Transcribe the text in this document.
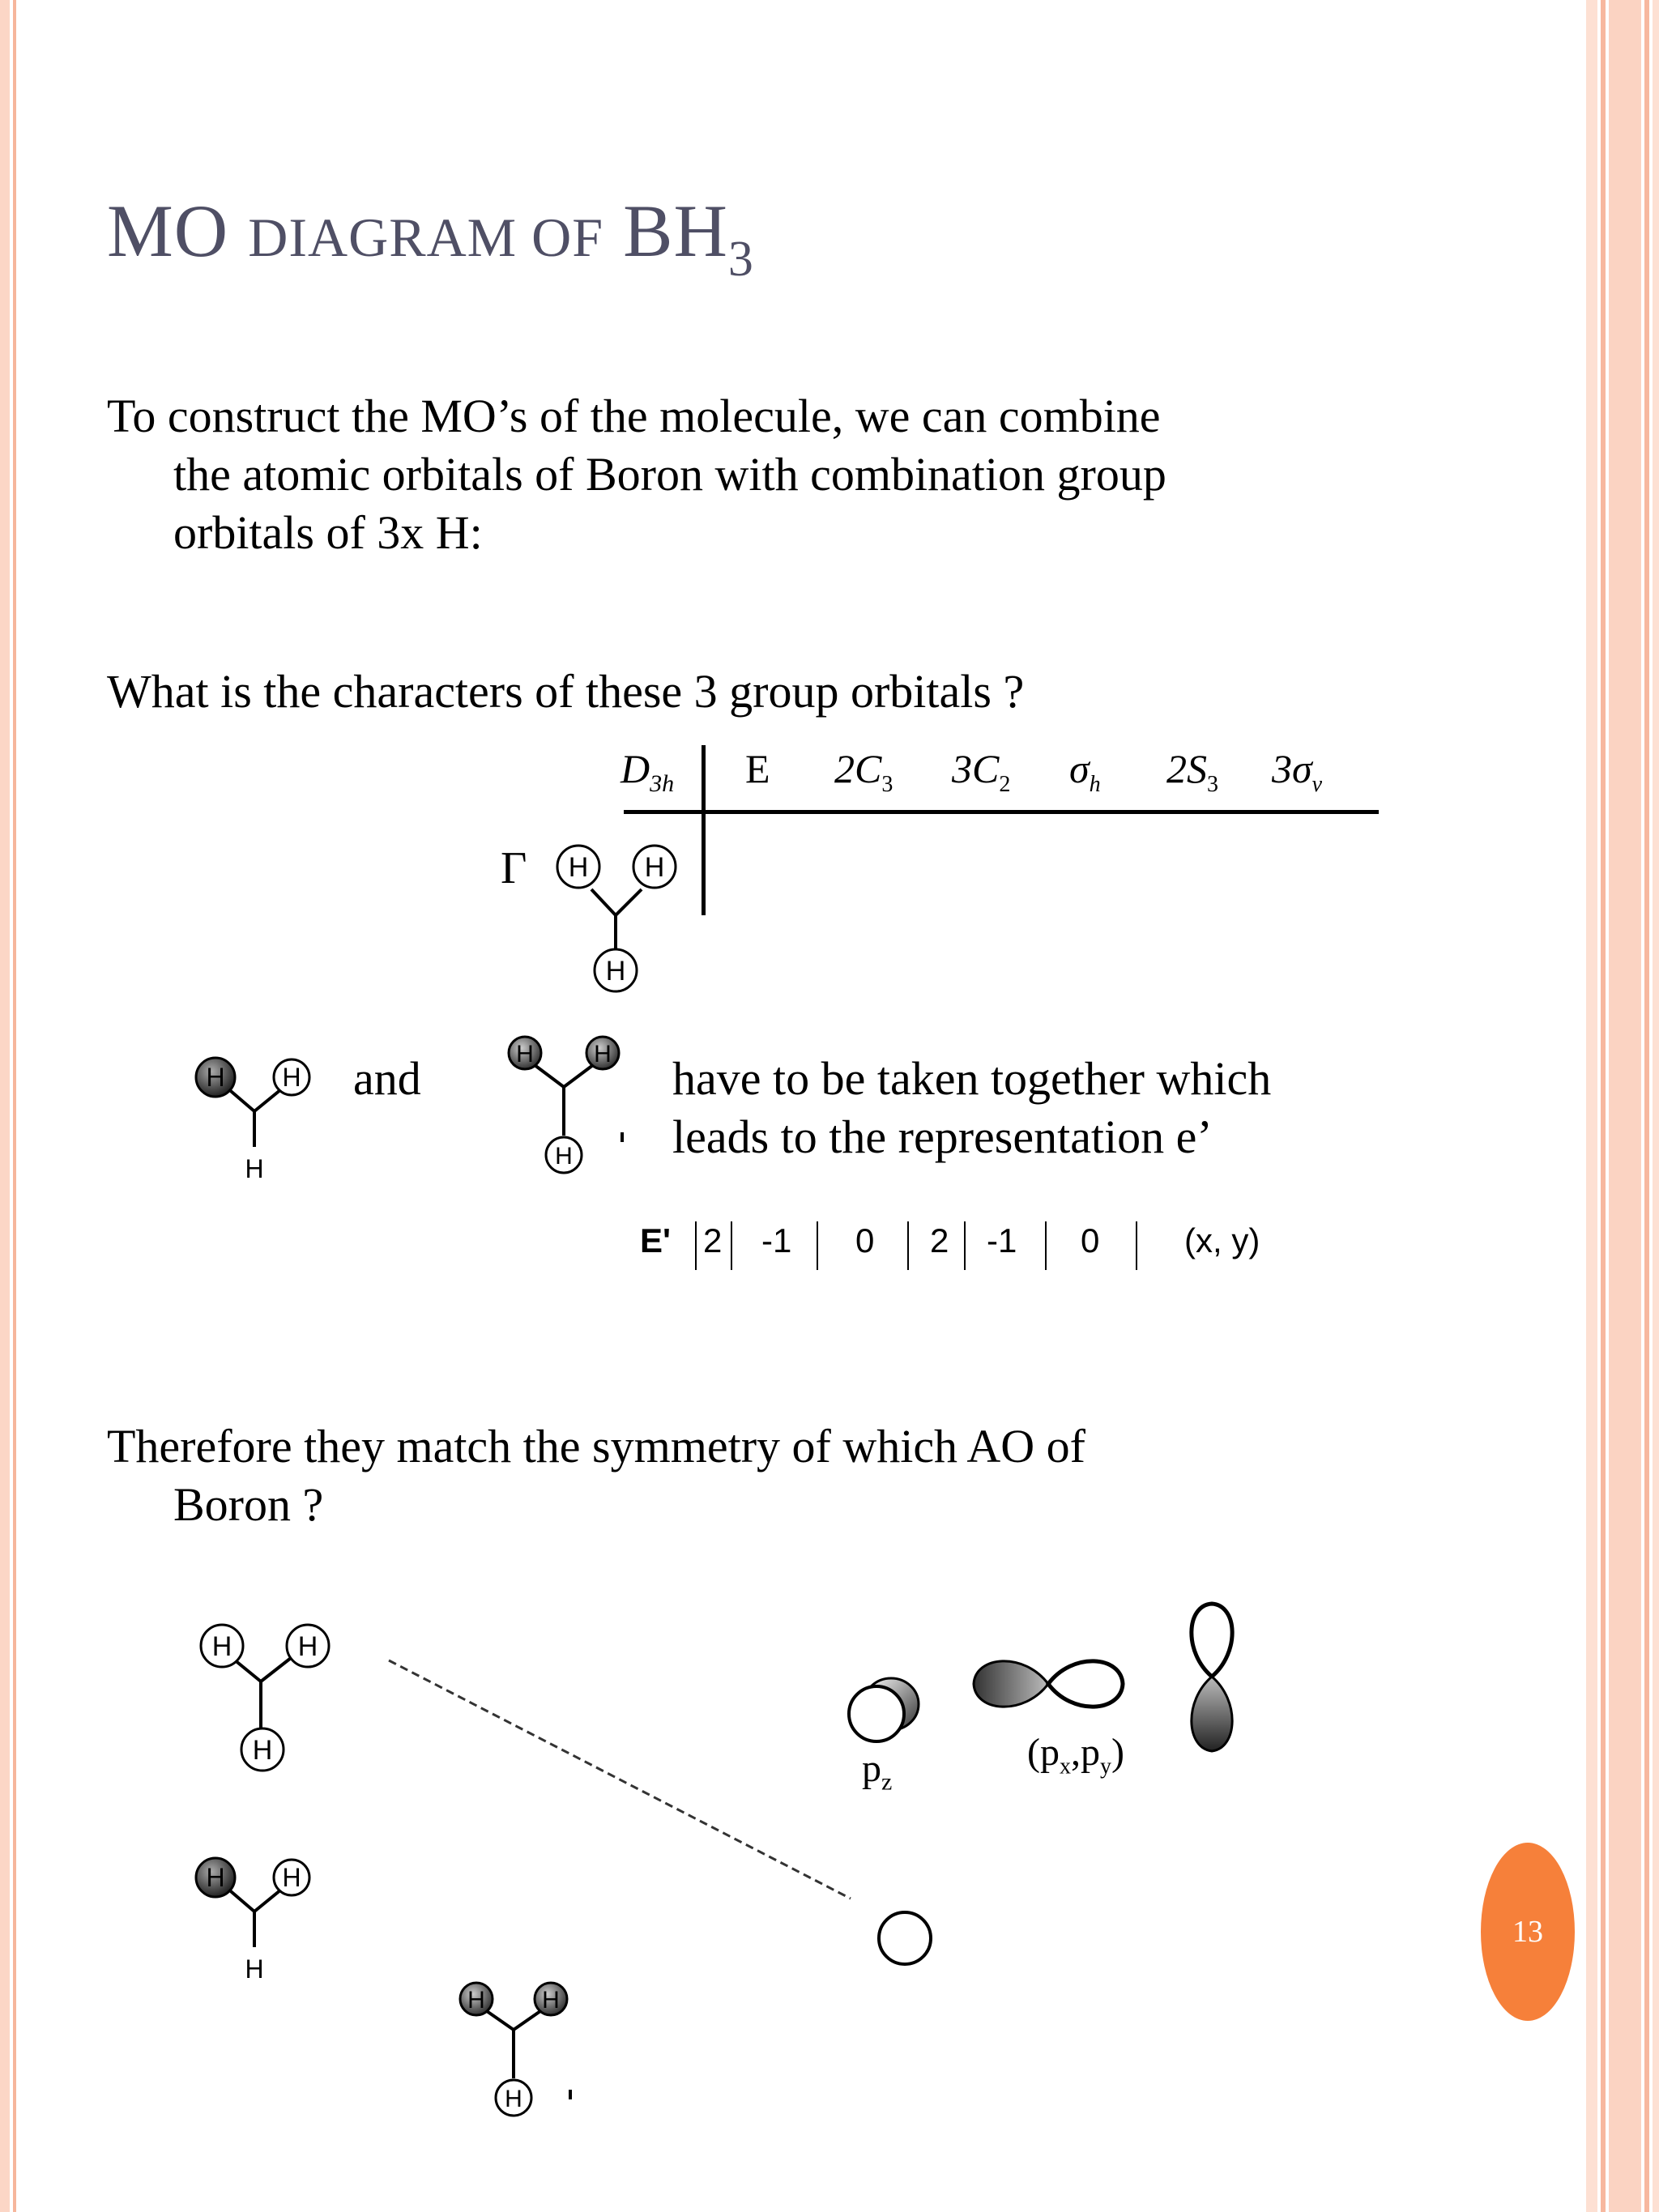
MO DIAGRAM OF $BH_3$
To construct the MO’s of the molecule, we can combine
the atomic orbitals of Boron with combination group
orbitals of 3x H:
What is the characters of these 3 group orbitals ?
$D_{3h}$ E $2C_3$ $3C_2$ $\sigma_h$ $2S_3$ $3\sigma_v$
Γ H H
H
H H
H
and	H H
H
have to be taken together which
leads to the representation e’
E' 2 -1 0 2 -1 0 (x, y)
Therefore they match the symmetry of which AO of
Boron ?
H H
H
H H
H
H H
H
$p_z$
$(p_x,p_y)$
13
